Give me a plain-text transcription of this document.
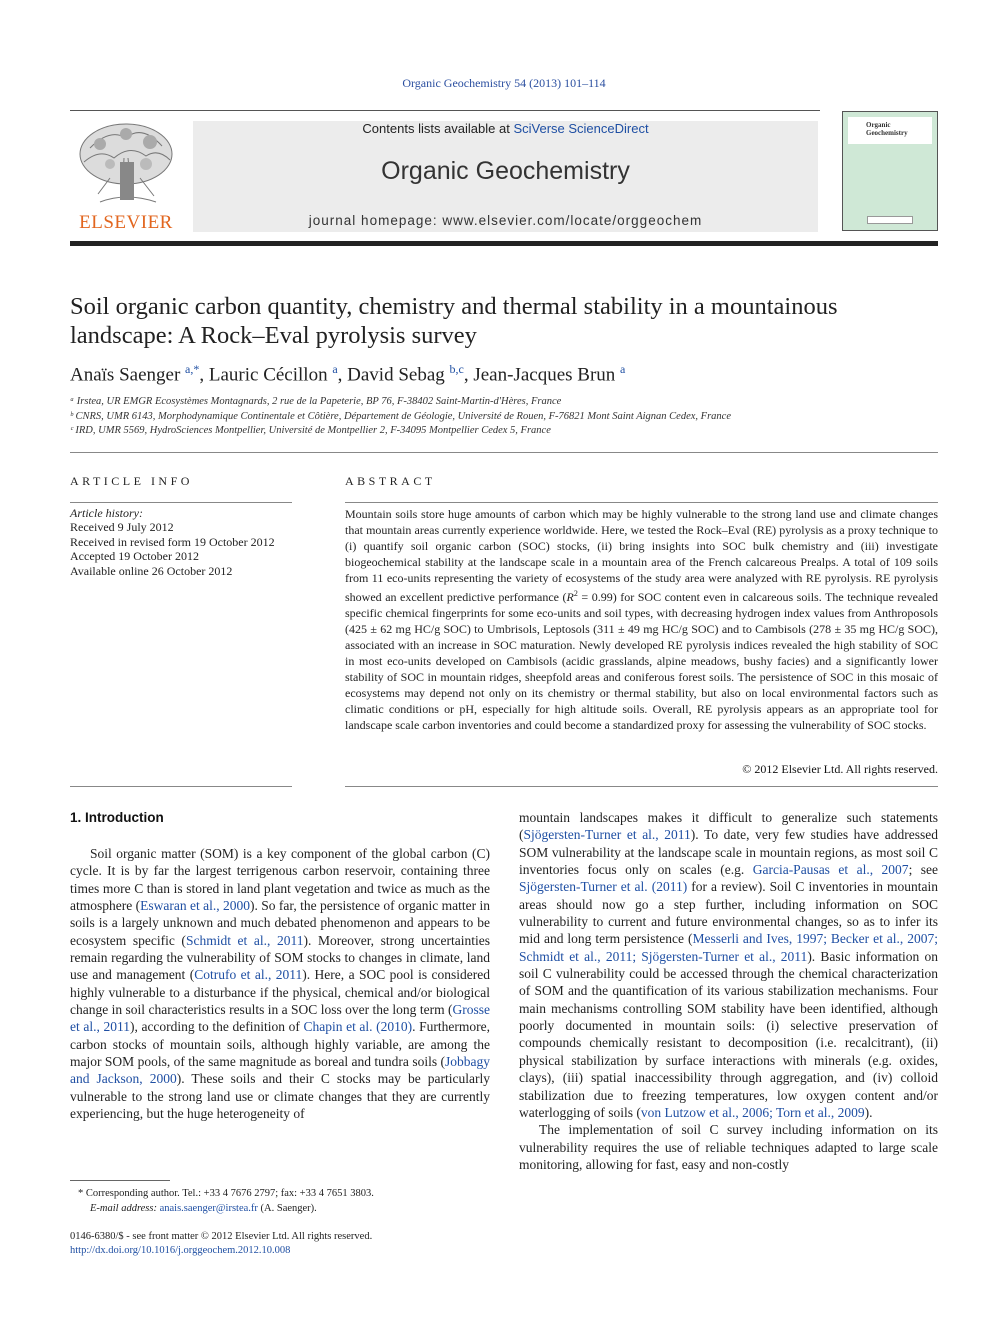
Organic Geochemistry 54 (2013) 101–114
ELSEVIER
Contents lists available at SciVerse ScienceDirect
Organic Geochemistry
journal homepage: www.elsevier.com/locate/orggeochem
Organic Geochemistry
Soil organic carbon quantity, chemistry and thermal stability in a mountainous
landscape: A Rock–Eval pyrolysis survey
Anaïs Saenger $^{a,*}$, Lauric Cécillon $^a$, David Sebag $^{b,c}$, Jean-Jacques Brun $^a$
ᵃ Irstea, UR EMGR Ecosystèmes Montagnards, 2 rue de la Papeterie, BP 76, F-38402 Saint-Martin-d'Hères, France
ᵇ CNRS, UMR 6143, Morphodynamique Continentale et Côtière, Département de Géologie, Université de Rouen, F-76821 Mont Saint Aignan Cedex, France
ᶜ IRD, UMR 5569, HydroSciences Montpellier, Université de Montpellier 2, F-34095 Montpellier Cedex 5, France
ARTICLE INFO
Article history:
Received 9 July 2012
Received in revised form 19 October 2012
Accepted 19 October 2012
Available online 26 October 2012
ABSTRACT
Mountain soils store huge amounts of carbon which may be highly vulnerable to the strong land use and climate changes that mountain areas currently experience worldwide. Here, we tested the Rock–Eval (RE) pyrolysis as a proxy technique to (i) quantify soil organic carbon (SOC) stocks, (ii) bring insights into SOC bulk chemistry and (iii) investigate biogeochemical stability at the landscape scale in a mountain area of the French calcareous Prealps. A total of 109 soils from 11 eco-units representing the variety of ecosystems of the study area were analyzed with RE pyrolysis. RE pyrolysis showed an excellent predictive performance $(R^2 = 0.99)$ for SOC content even in calcareous soils. The technique revealed specific chemical fingerprints for some eco-units and soil types, with decreasing hydrogen index values from Anthroposols (425 ± 62 mg HC/g SOC) to Umbrisols, Leptosols (311 ± 49 mg HC/g SOC) and to Cambisols (278 ± 35 mg HC/g SOC), associated with an increase in SOC maturation. Newly developed RE pyrolysis indices revealed the high stability of SOC in most eco-units developed on Cambisols (acidic grasslands, alpine meadows, bushy facies) and a significantly lower stability of SOC in mountain ridges, sheepfold areas and coniferous forest soils. The persistence of SOC in this mosaic of ecosystems may depend not only on its chemistry or thermal stability, but also on local environmental factors such as climatic conditions or pH, especially for high altitude soils. Overall, RE pyrolysis appears as an appropriate tool for landscape scale carbon inventories and could become a standardized proxy for assessing the vulnerability of SOC stocks.
© 2012 Elsevier Ltd. All rights reserved.
1. Introduction

Soil organic matter (SOM) is a key component of the global carbon (C) cycle. It is by far the largest terrigenous carbon reservoir, containing three times more C than is stored in land plant vegetation and twice as much as the atmosphere (Eswaran et al., 2000). So far, the persistence of organic matter in soils is a largely unknown and much debated phenomenon and appears to be ecosystem specific (Schmidt et al., 2011). Moreover, strong uncertainties remain regarding the vulnerability of SOM stocks to changes in climate, land use and management (Cotrufo et al., 2011). Here, a SOC pool is considered highly vulnerable to a disturbance if the physical, chemical and/or biological change in soil characteristics results in a SOC loss over the long term (Grosse et al., 2011), according to the definition of Chapin et al. (2010). Furthermore, carbon stocks of mountain soils, although highly variable, are among the major SOM pools, of the same magnitude as boreal and tundra soils (Jobbagy and Jackson, 2000). These soils and their C stocks may be particularly vulnerable to the strong land use or climate changes that they are currently experiencing, but the huge heterogeneity of

mountain landscapes makes it difficult to generalize such statements (Sjögersten-Turner et al., 2011). To date, very few studies have addressed SOM vulnerability at the landscape scale in mountain regions, as most soil C inventories focus only on scales (e.g. Garcia-Pausas et al., 2007; see Sjögersten-Turner et al. (2011) for a review). Soil C inventories in mountain areas should now go a step further, including information on SOC vulnerability to current and future environmental changes, so as to infer its mid and long term persistence (Messerli and Ives, 1997; Becker et al., 2007; Schmidt et al., 2011; Sjögersten-Turner et al., 2011). Basic information on soil C vulnerability could be accessed through the chemical characterization of SOM and the quantification of its various stabilization mechanisms. Four main mechanisms controlling SOM stability have been identified, although poorly documented in mountain soils: (i) selective preservation of compounds chemically resistant to decomposition (i.e. recalcitrant), (ii) physical stabilization by surface interactions with minerals (e.g. oxides, clays), (iii) spatial inaccessibility through aggregation, and (iv) colloid stabilization due to freezing temperatures, low oxygen content and/or waterlogging of soils (von Lutzow et al., 2006; Torn et al., 2009).

The implementation of soil C survey including information on its vulnerability requires the use of reliable techniques adapted to large scale monitoring, allowing for fast, easy and non-costly

* Corresponding author. Tel.: +33 4 7676 2797; fax: +33 4 7651 3803.
E-mail address: anais.saenger@irstea.fr (A. Saenger).
0146-6380/$ - see front matter © 2012 Elsevier Ltd. All rights reserved.
http://dx.doi.org/10.1016/j.orggeochem.2012.10.008
